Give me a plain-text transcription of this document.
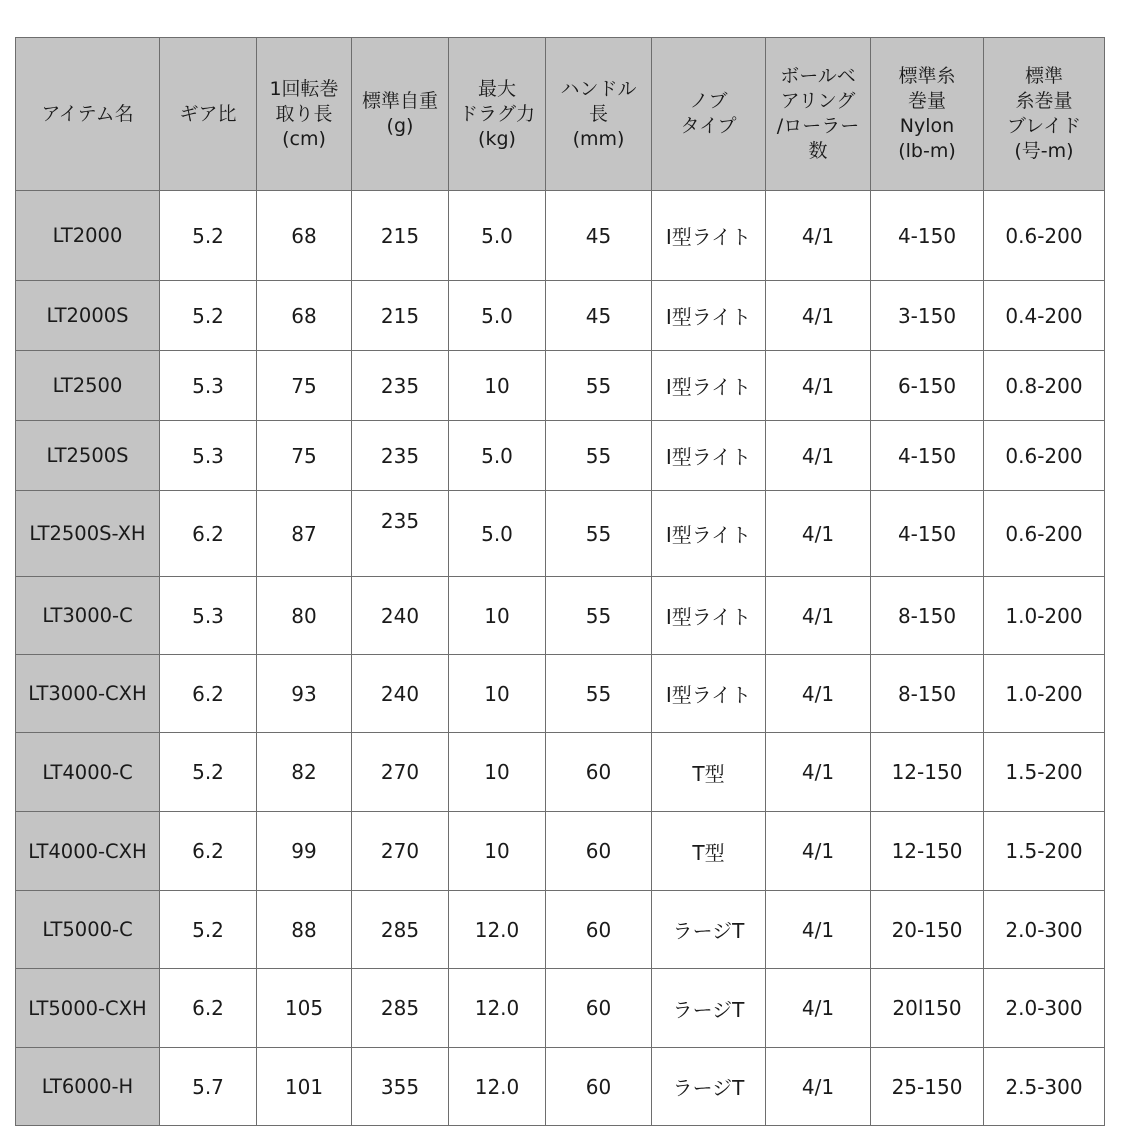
アイテム名	ギア比	1回転巻
取り長
(cm)	標準自重
(g)	最大
ドラグ力
(kg)	ハンドル
長
(mm)	ノブ
タイプ	ボールベ
アリング
/ローラー
数	標準糸
巻量
Nylon
(lb-m)	標準
糸巻量
ブレイド
(号-m)

LT2000	5.2	68	215	5.0	45	I型ライト	4/1	4-150	0.6-200
LT2000S	5.2	68	215	5.0	45	I型ライト	4/1	3-150	0.4-200
LT2500	5.3	75	235	10	55	I型ライト	4/1	6-150	0.8-200
LT2500S	5.3	75	235	5.0	55	I型ライト	4/1	4-150	0.6-200
LT2500S-XH	6.2	87	235	5.0	55	I型ライト	4/1	4-150	0.6-200
LT3000-C	5.3	80	240	10	55	I型ライト	4/1	8-150	1.0-200
LT3000-CXH	6.2	93	240	10	55	I型ライト	4/1	8-150	1.0-200
LT4000-C	5.2	82	270	10	60	T型	4/1	12-150	1.5-200
LT4000-CXH	6.2	99	270	10	60	T型	4/1	12-150	1.5-200
LT5000-C	5.2	88	285	12.0	60	ラージT	4/1	20-150	2.0-300
LT5000-CXH	6.2	105	285	12.0	60	ラージT	4/1	20l150	2.0-300
LT6000-H	5.7	101	355	12.0	60	ラージT	4/1	25-150	2.5-300
